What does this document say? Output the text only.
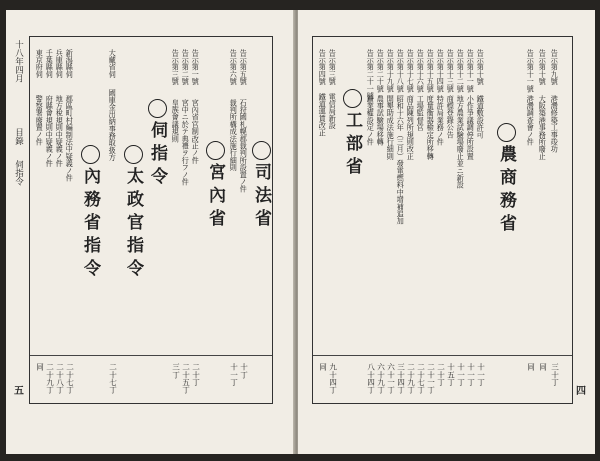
東京府伺
警察署廢置ノ件
同
千葉縣伺
府縣會規則中疑義ノ件
二十九丁
兵庫縣伺
地方稅規則中疑義ノ件
二十八丁
新潟縣伺
郡區町村編制法中疑義ノ件
二十七丁
內務省指令
大藏省伺
國庫金出納事務取扱方
二十七丁
太政官指令
伺指令
告示第三號
皇族會議規則
三丁
告示第二號
宮中ニ於テ典禮ヲ行フノ件
二十五丁
告示第一號
宮內省官制改正ノ件
二十丁
宮內省
告示第六號
裁判所構成法施行細則
十一丁
告示第五號
石狩國札幌郡裁判所設置ノ件
十丁
司法省
十八年四月
目錄
伺指令
五
告示第四號
鐵道運賃改正
同
告示第三號
電信局新設
九十四丁
工部省
告示第二十一號
鑛業權設定ノ件
八十四丁
告示第二十號
農事試驗場移轉
六十九丁
告示第十九號
開墾助成法施行細則
六十一丁
告示第十八號
昭和十六年（三月）發電燃料中增補追加
三十四丁
告示第十七號
商品陳列所規則改正
二十九丁
告示第十六號
工場監督官
二十七丁
告示第十五號
度量衡器檢定所移轉
二十一丁
告示第十四號
特許局業務ノ件
二十丁
告示第十三號
商標登錄公告
十五丁
告示第十二號
地方農業試驗場廢止並ニ新設
十一丁
告示第十一號
小作爭議調停所設置
十一丁
告示第十號
鐵道敷設許可
十一丁
農商務省
告示第十一號
港灣調查會ノ件
同
告示第十號
大阪築港事務所廢止
同
告示第九號
港灣修築工事竣功
三十丁
四
